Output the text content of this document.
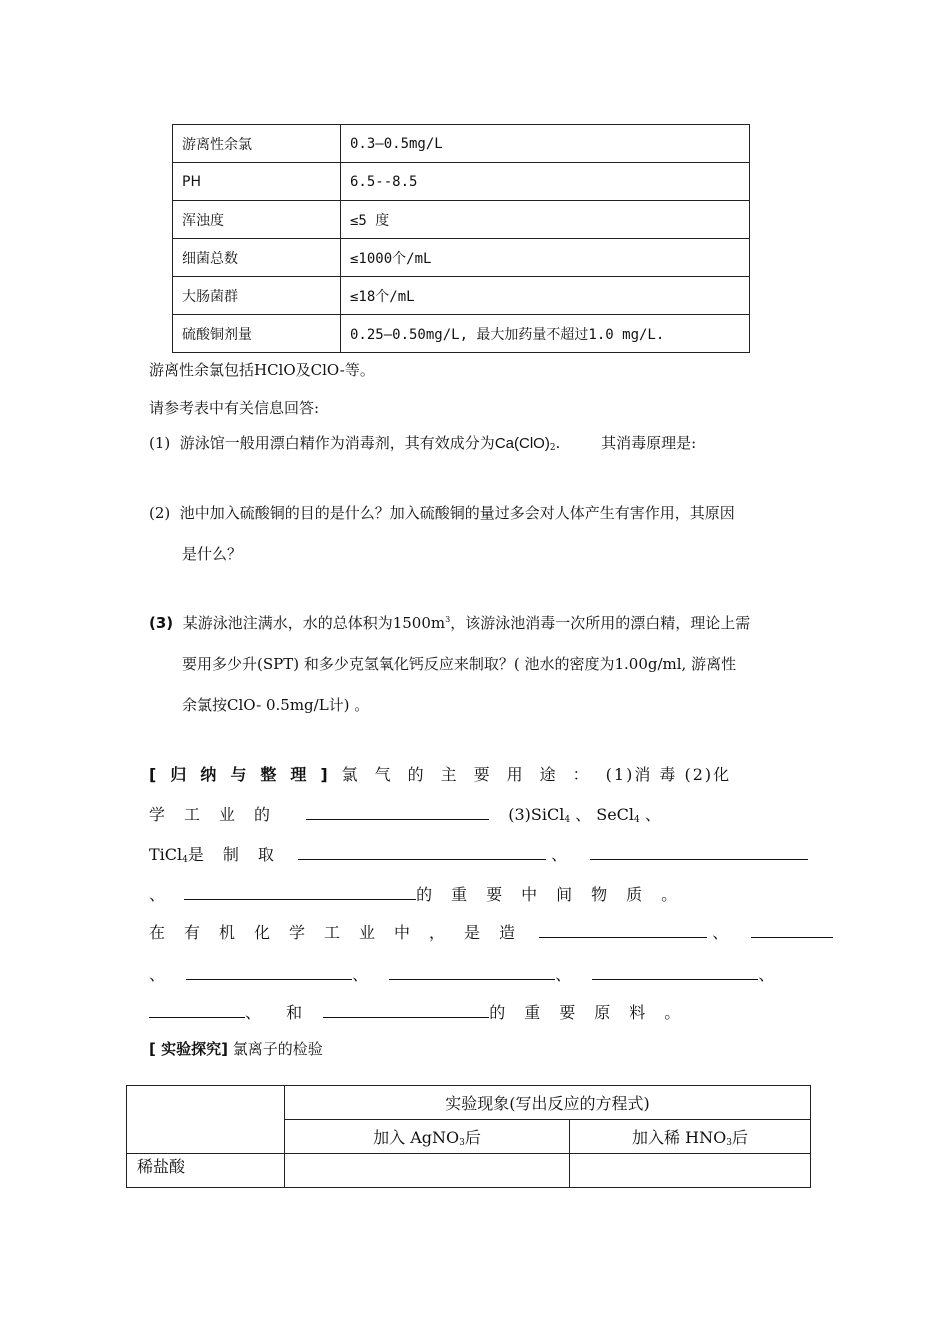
游离性余氯	0.3—0.5mg/L
PH	6.5--8.5
浑浊度	≤5 度
细菌总数	≤1000个/mL
大肠菌群	≤18个/mL
硫酸铜剂量	0.25—0.50mg/L, 最大加药量不超过1.0 mg/L.
游离性余氯包括HClO及ClO-等。
请参考表中有关信息回答:
(1) 游泳馆一般用漂白精作为消毒剂，其有效成分为$Ca(ClO)_2$.	其消毒原理是:
(2) 池中加入硫酸铜的目的是什么？加入硫酸铜的量过多会对人体产生有害作用，其原因
是什么？
(3) 某游泳池注满水，水的总体积为$1500m^3$，该游泳池消毒一次所用的漂白精，理论上需
要用多少升(SPT) 和多少克氢氧化钙反应来制取？( 池水的密度为1.00g/ml, 游离性
余氯按ClO- 0.5mg/L计) 。
[归纳与整理]氯气的主要用途：(1)消 毒 (2)化
学工业的	(3)SiCl$_4$ 、 SeCl$_4$ 、
TiCl$_4$是制取	、
、	的重要中间物质。
在有机化学工业中，是造	、
、	、	、	、
、 和	的重要原料。
[ 实验探究] 氯离子的检验
	实验现象(写出反应的方程式)	
	加入 AgNO$_3$后	加入稀 $HNO_3$后
稀盐酸		
